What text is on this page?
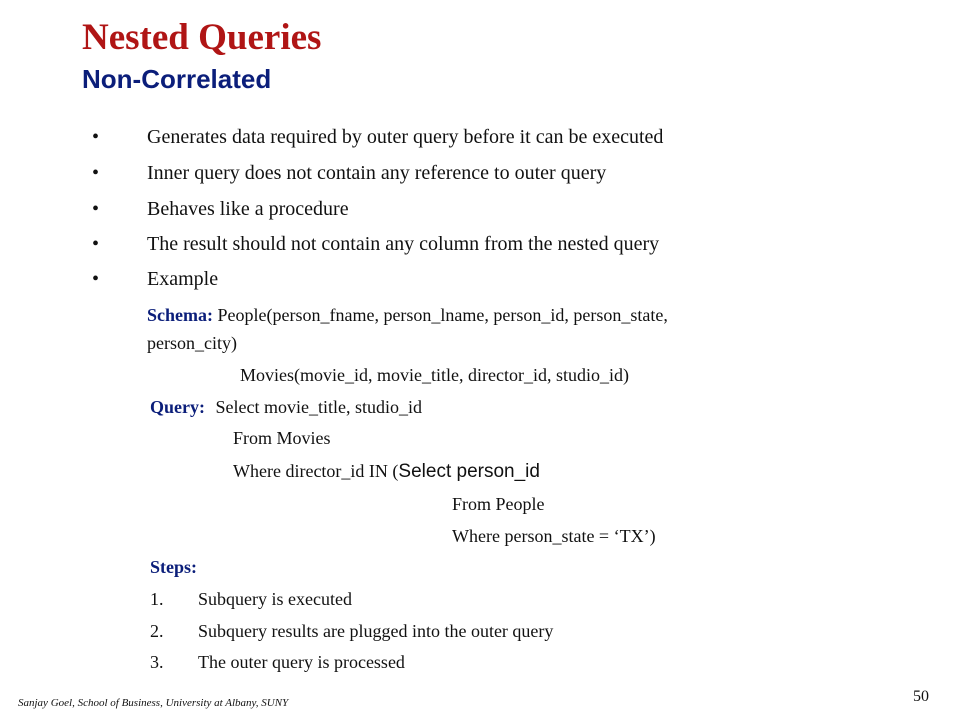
Nested Queries
Non-Correlated
• Generates data required by outer query before it can be executed
• Inner query does not contain any reference to outer query
• Behaves like a procedure
• The result should not contain any column from the nested query
• Example
Schema: People(person_fname, person_lname, person_id, person_state,
person_city)
Movies(movie_id, movie_title, director_id, studio_id)
Query: Select movie_title, studio_id
From Movies
Where director_id IN (Select person_id
From People
Where person_state = ‘TX’)
Steps:
1. Subquery is executed
2. Subquery results are plugged into the outer query
3. The outer query is processed
Sanjay Goel, School of Business, University at Albany, SUNY	50
